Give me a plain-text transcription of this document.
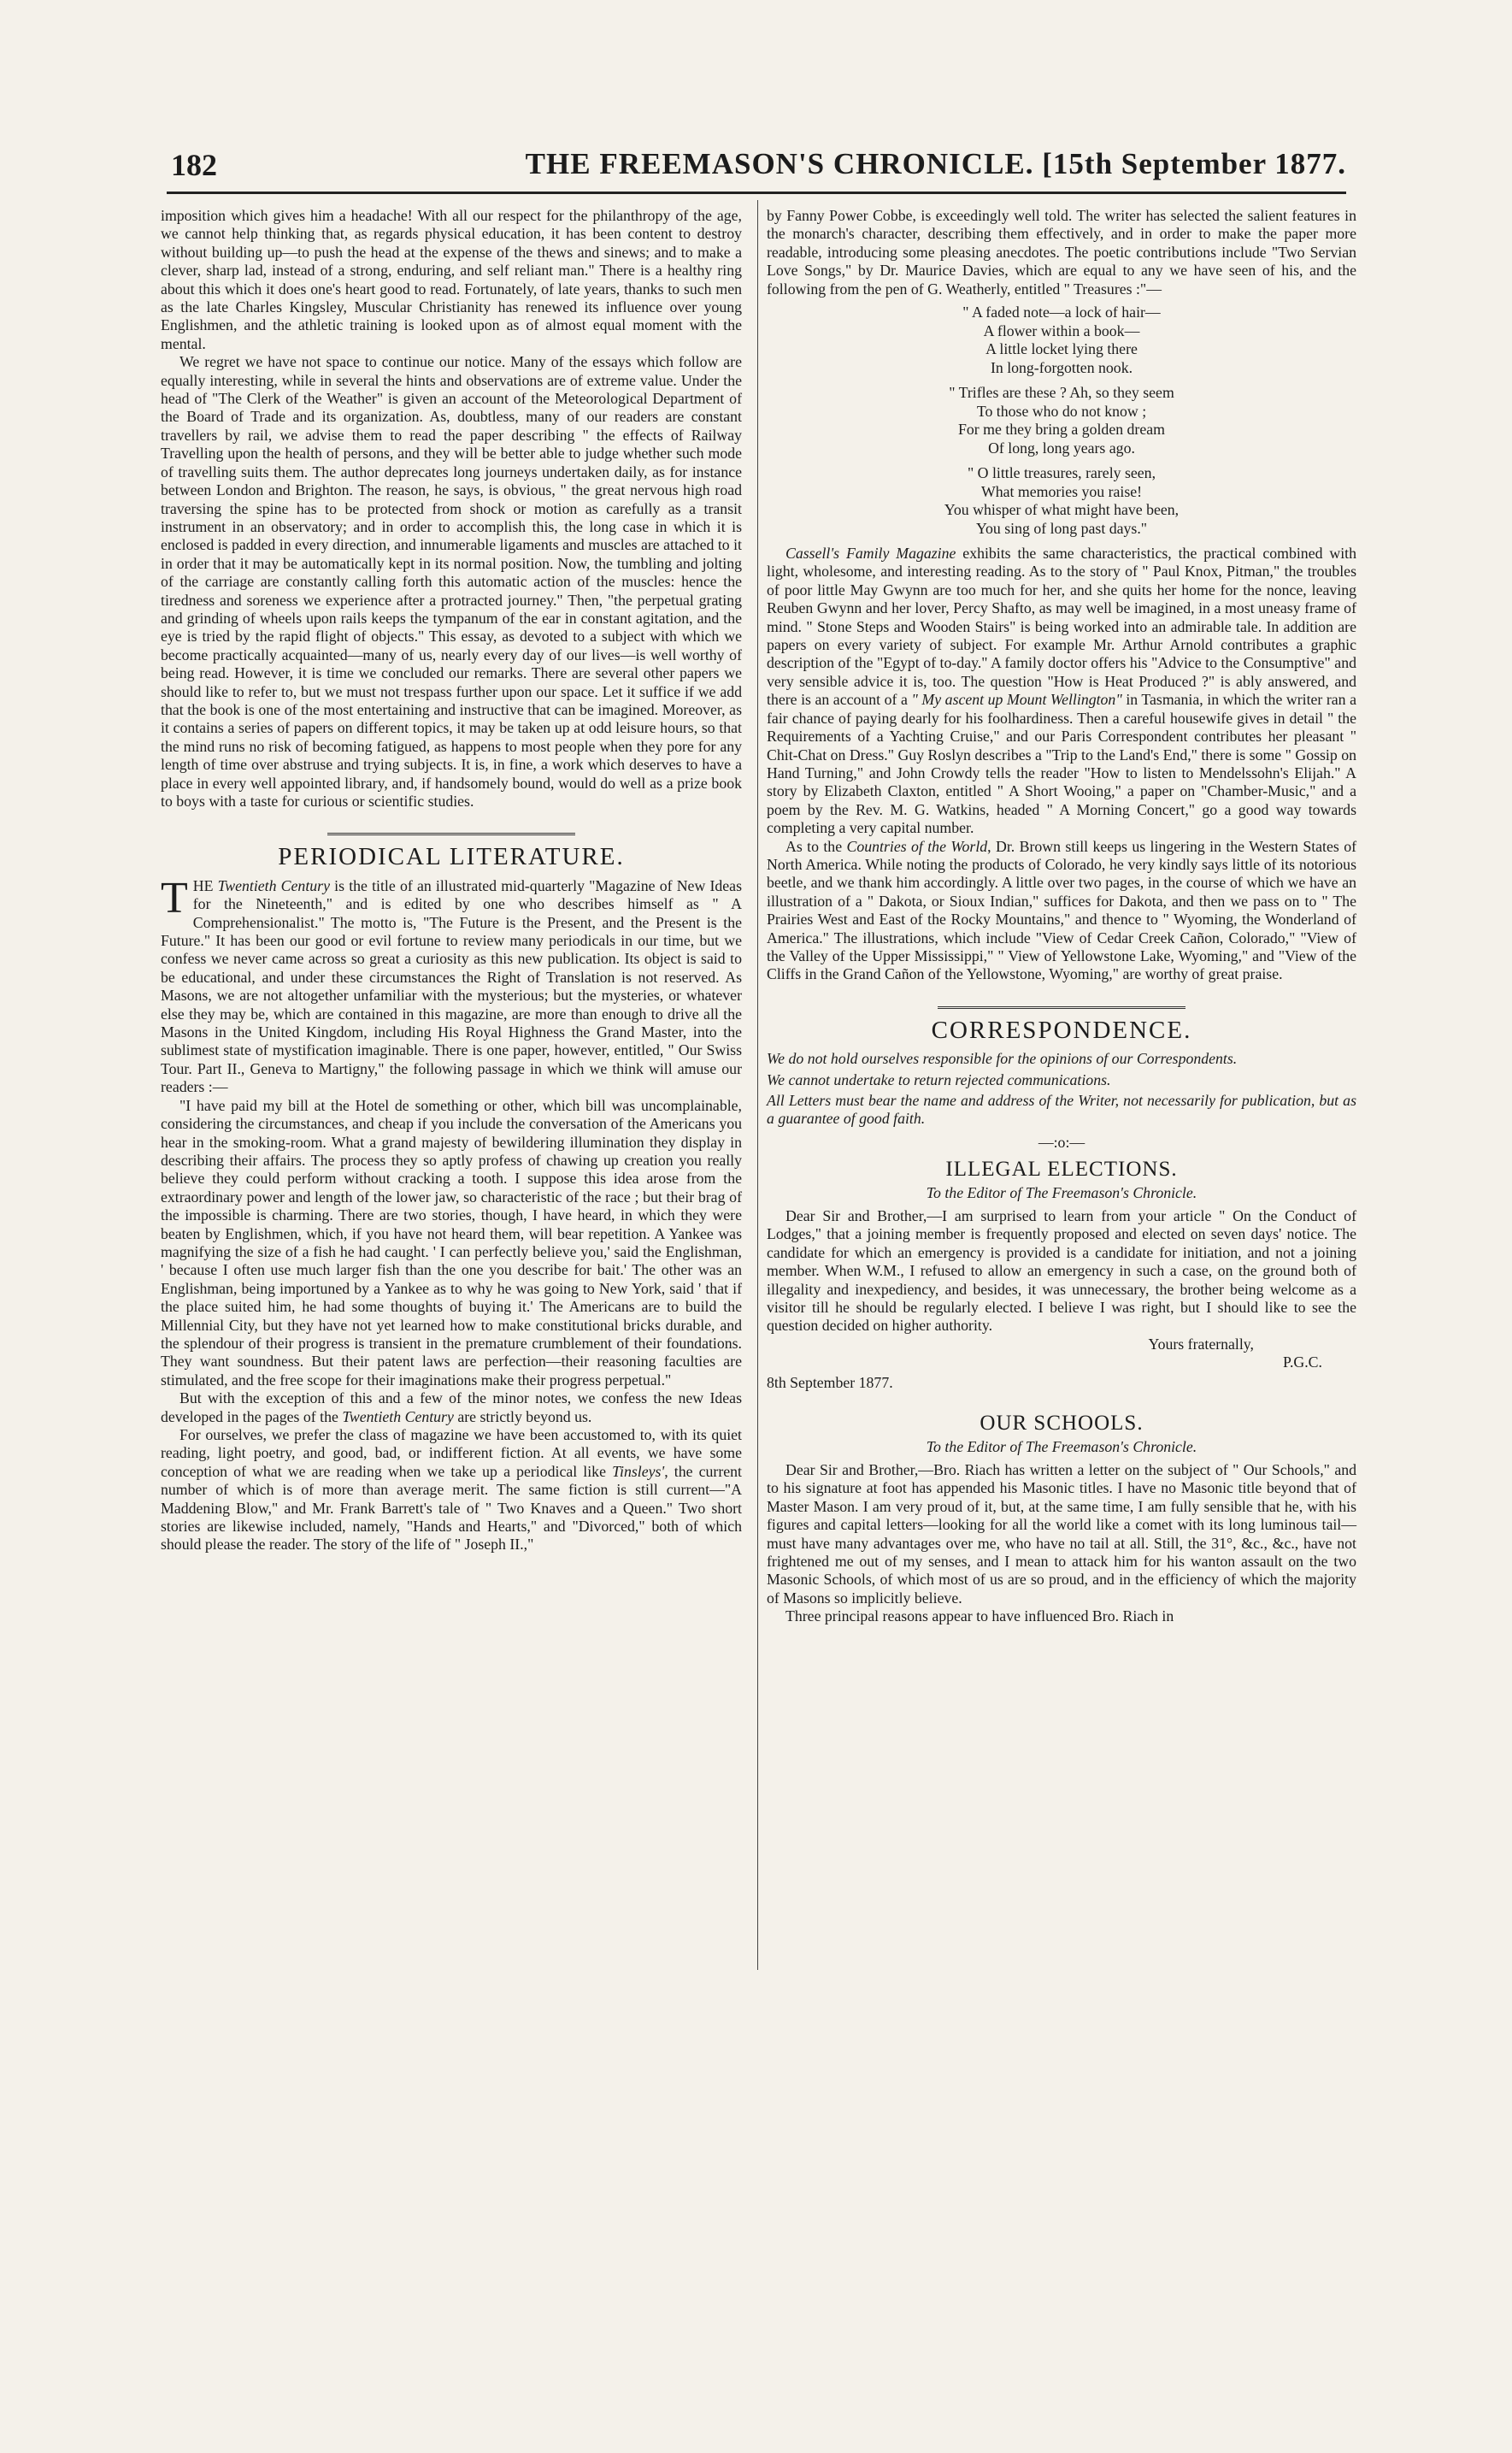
182	THE FREEMASON'S CHRONICLE. [15th September 1877.

imposition which gives him a headache! With all our respect for the philanthropy of the age, we cannot help thinking that, as regards physical education, it has been content to destroy without building up—to push the head at the expense of the thews and sinews; and to make a clever, sharp lad, instead of a strong, enduring, and self reliant man." There is a healthy ring about this which it does one's heart good to read. Fortunately, of late years, thanks to such men as the late Charles Kingsley, Muscular Christianity has renewed its influence over young Englishmen, and the athletic training is looked upon as of almost equal moment with the mental.

We regret we have not space to continue our notice. Many of the essays which follow are equally interesting, while in several the hints and observations are of extreme value. Under the head of "The Clerk of the Weather" is given an account of the Meteorological Department of the Board of Trade and its organization. As, doubtless, many of our readers are constant travellers by rail, we advise them to read the paper describing " the effects of Railway Travelling upon the health of persons, and they will be better able to judge whether such mode of travelling suits them. The author deprecates long journeys undertaken daily, as for instance between London and Brighton. The reason, he says, is obvious, " the great nervous high road traversing the spine has to be protected from shock or motion as carefully as a transit instrument in an observatory; and in order to accomplish this, the long case in which it is enclosed is padded in every direction, and innumerable ligaments and muscles are attached to it in order that it may be automatically kept in its normal position. Now, the tumbling and jolting of the carriage are constantly calling forth this automatic action of the muscles: hence the tiredness and soreness we experience after a protracted journey." Then, "the perpetual grating and grinding of wheels upon rails keeps the tympanum of the ear in constant agitation, and the eye is tried by the rapid flight of objects." This essay, as devoted to a subject with which we become practically acquainted—many of us, nearly every day of our lives—is well worthy of being read. However, it is time we concluded our remarks. There are several other papers we should like to refer to, but we must not trespass further upon our space. Let it suffice if we add that the book is one of the most entertaining and instructive that can be imagined. Moreover, as it contains a series of papers on different topics, it may be taken up at odd leisure hours, so that the mind runs no risk of becoming fatigued, as happens to most people when they pore for any length of time over abstruse and trying subjects. It is, in fine, a work which deserves to have a place in every well appointed library, and, if handsomely bound, would do well as a prize book to boys with a taste for curious or scientific studies.

PERIODICAL LITERATURE.

THE Twentieth Century is the title of an illustrated mid-quarterly "Magazine of New Ideas for the Nineteenth," and is edited by one who describes himself as " A Comprehensionalist." The motto is, "The Future is the Present, and the Present is the Future." It has been our good or evil fortune to review many periodicals in our time, but we confess we never came across so great a curiosity as this new publication. Its object is said to be educational, and under these circumstances the Right of Translation is not reserved. As Masons, we are not altogether unfamiliar with the mysterious; but the mysteries, or whatever else they may be, which are contained in this magazine, are more than enough to drive all the Masons in the United Kingdom, including His Royal Highness the Grand Master, into the sublimest state of mystification imaginable. There is one paper, however, entitled, " Our Swiss Tour. Part II., Geneva to Martigny," the following passage in which we think will amuse our readers :—

"I have paid my bill at the Hotel de something or other, which bill was uncomplainable, considering the circumstances, and cheap if you include the conversation of the Americans you hear in the smoking-room. What a grand majesty of bewildering illumination they display in describing their affairs. The process they so aptly profess of chawing up creation you really believe they could perform without cracking a tooth. I suppose this idea arose from the extraordinary power and length of the lower jaw, so characteristic of the race ; but their brag of the impossible is charming. There are two stories, though, I have heard, in which they were beaten by Englishmen, which, if you have not heard them, will bear repetition. A Yankee was magnifying the size of a fish he had caught. ' I can perfectly believe you,' said the Englishman, ' because I often use much larger fish than the one you describe for bait.' The other was an Englishman, being importuned by a Yankee as to why he was going to New York, said ' that if the place suited him, he had some thoughts of buying it.' The Americans are to build the Millennial City, but they have not yet learned how to make constitutional bricks durable, and the splendour of their progress is transient in the premature crumblement of their foundations. They want soundness. But their patent laws are perfection—their reasoning faculties are stimulated, and the free scope for their imaginations make their progress perpetual."

But with the exception of this and a few of the minor notes, we confess the new Ideas developed in the pages of the Twentieth Century are strictly beyond us.

For ourselves, we prefer the class of magazine we have been accustomed to, with its quiet reading, light poetry, and good, bad, or indifferent fiction. At all events, we have some conception of what we are reading when we take up a periodical like Tinsleys', the current number of which is of more than average merit. The same fiction is still current—"A Maddening Blow," and Mr. Frank Barrett's tale of " Two Knaves and a Queen." Two short stories are likewise included, namely, "Hands and Hearts," and "Divorced," both of which should please the reader. The story of the life of " Joseph II.,"

by Fanny Power Cobbe, is exceedingly well told. The writer has selected the salient features in the monarch's character, describing them effectively, and in order to make the paper more readable, introducing some pleasing anecdotes. The poetic contributions include "Two Servian Love Songs," by Dr. Maurice Davies, which are equal to any we have seen of his, and the following from the pen of G. Weatherly, entitled " Treasures :"—

" A faded note—a lock of hair—
A flower within a book—
A little locket lying there
In long-forgotten nook.
" Trifles are these ? Ah, so they seem
To those who do not know ;
For me they bring a golden dream
Of long, long years ago.
" O little treasures, rarely seen,
What memories you raise!
You whisper of what might have been,
You sing of long past days."

Cassell's Family Magazine exhibits the same characteristics, the practical combined with light, wholesome, and interesting reading. As to the story of " Paul Knox, Pitman," the troubles of poor little May Gwynn are too much for her, and she quits her home for the nonce, leaving Reuben Gwynn and her lover, Percy Shafto, as may well be imagined, in a most uneasy frame of mind. " Stone Steps and Wooden Stairs" is being worked into an admirable tale. In addition are papers on every variety of subject. For example Mr. Arthur Arnold contributes a graphic description of the "Egypt of to-day." A family doctor offers his "Advice to the Consumptive" and very sensible advice it is, too. The question "How is Heat Produced ?" is ably answered, and there is an account of a " My ascent up Mount Wellington" in Tasmania, in which the writer ran a fair chance of paying dearly for his foolhardiness. Then a careful housewife gives in detail " the Requirements of a Yachting Cruise," and our Paris Correspondent contributes her pleasant " Chit-Chat on Dress." Guy Roslyn describes a "Trip to the Land's End," there is some " Gossip on Hand Turning," and John Crowdy tells the reader "How to listen to Mendelssohn's Elijah." A story by Elizabeth Claxton, entitled " A Short Wooing," a paper on "Chamber-Music," and a poem by the Rev. M. G. Watkins, headed " A Morning Concert," go a good way towards completing a very capital number.

As to the Countries of the World, Dr. Brown still keeps us lingering in the Western States of North America. While noting the products of Colorado, he very kindly says little of its notorious beetle, and we thank him accordingly. A little over two pages, in the course of which we have an illustration of a " Dakota, or Sioux Indian," suffices for Dakota, and then we pass on to " The Prairies West and East of the Rocky Mountains," and thence to " Wyoming, the Wonderland of America." The illustrations, which include "View of Cedar Creek Cañon, Colorado," "View of the Valley of the Upper Mississippi," " View of Yellowstone Lake, Wyoming," and "View of the Cliffs in the Grand Cañon of the Yellowstone, Wyoming," are worthy of great praise.

CORRESPONDENCE.

We do not hold ourselves responsible for the opinions of our Correspondents.

We cannot undertake to return rejected communications.

All Letters must bear the name and address of the Writer, not necessarily for publication, but as a guarantee of good faith.

—:o:—
ILLEGAL ELECTIONS.
To the Editor of The Freemason's Chronicle.

Dear Sir and Brother,—I am surprised to learn from your article " On the Conduct of Lodges," that a joining member is frequently proposed and elected on seven days' notice. The candidate for which an emergency is provided is a candidate for initiation, and not a joining member. When W.M., I refused to allow an emergency in such a case, on the ground both of illegality and inexpediency, and besides, it was unnecessary, the brother being welcome as a visitor till he should be regularly elected. I believe I was right, but I should like to see the question decided on higher authority.

Yours fraternally,

P.G.C.

8th September 1877.

OUR SCHOOLS.
To the Editor of The Freemason's Chronicle.

Dear Sir and Brother,—Bro. Riach has written a letter on the subject of " Our Schools," and to his signature at foot has appended his Masonic titles. I have no Masonic title beyond that of Master Mason. I am very proud of it, but, at the same time, I am fully sensible that he, with his figures and capital letters—looking for all the world like a comet with its long luminous tail—must have many advantages over me, who have no tail at all. Still, the 31°, &c., &c., have not frightened me out of my senses, and I mean to attack him for his wanton assault on the two Masonic Schools, of which most of us are so proud, and in the efficiency of which the majority of Masons so implicitly believe.

Three principal reasons appear to have influenced Bro. Riach in
